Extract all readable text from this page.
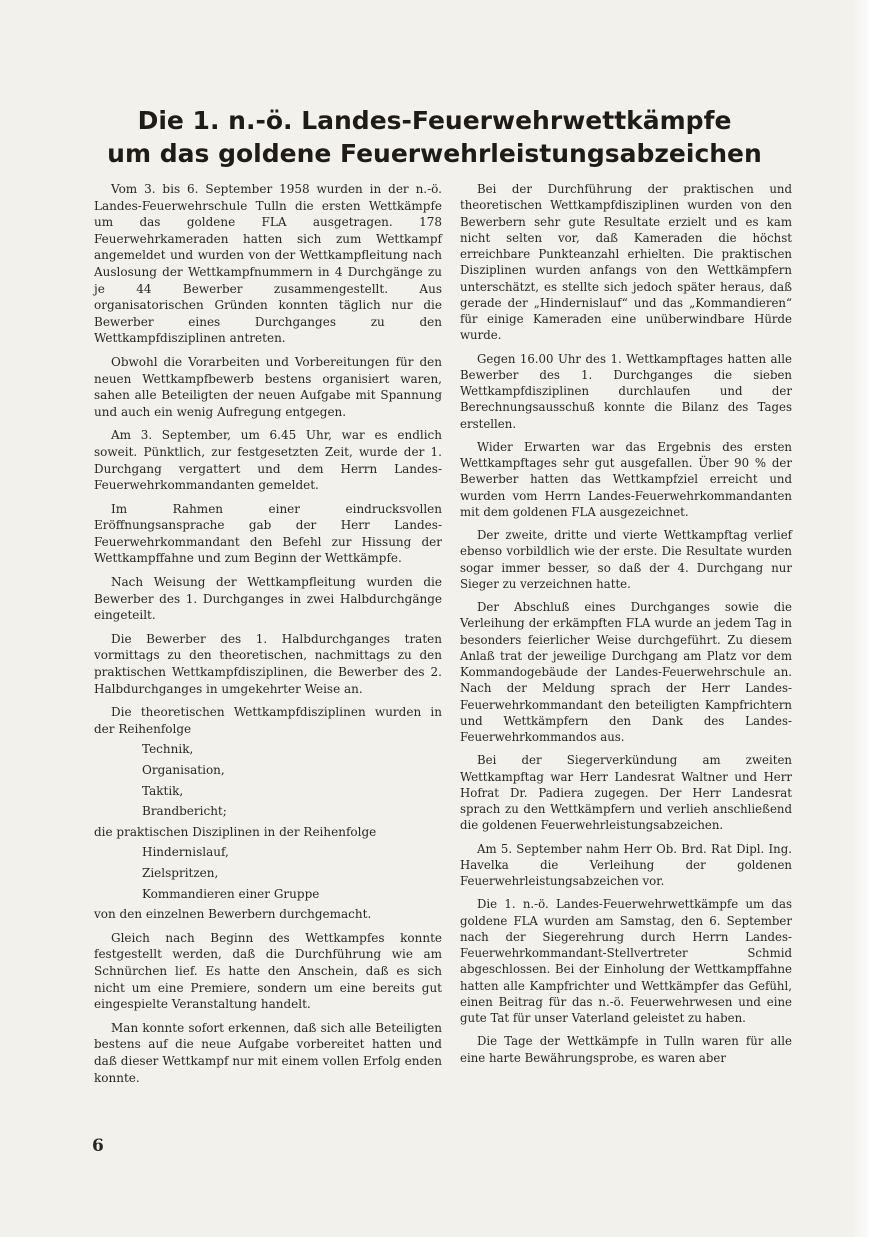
Die 1. n.-ö. Landes-Feuerwehrwettkämpfe
um das goldene Feuerwehrleistungsabzeichen

Vom 3. bis 6. September 1958 wurden in der n.-ö. Landes-Feuerwehrschule Tulln die ersten Wettkämpfe um das goldene FLA ausgetragen. 178 Feuerwehrkameraden hatten sich zum Wettkampf angemeldet und wurden von der Wettkampfleitung nach Auslosung der Wettkampfnummern in 4 Durchgänge zu je 44 Bewerber zusammengestellt. Aus organisatorischen Gründen konnten täglich nur die Bewerber eines Durchganges zu den Wettkampfdisziplinen antreten.

Obwohl die Vorarbeiten und Vorbereitungen für den neuen Wettkampfbewerb bestens organisiert waren, sahen alle Beteiligten der neuen Aufgabe mit Spannung und auch ein wenig Aufregung entgegen.

Am 3. September, um 6.45 Uhr, war es endlich soweit. Pünktlich, zur festgesetzten Zeit, wurde der 1. Durchgang vergattert und dem Herrn Landes-Feuerwehrkommandanten gemeldet.

Im Rahmen einer eindrucksvollen Eröffnungsansprache gab der Herr Landes-Feuerwehrkommandant den Befehl zur Hissung der Wettkampffahne und zum Beginn der Wettkämpfe.

Nach Weisung der Wettkampfleitung wurden die Bewerber des 1. Durchganges in zwei Halbdurchgänge eingeteilt.

Die Bewerber des 1. Halbdurchganges traten vormittags zu den theoretischen, nachmittags zu den praktischen Wettkampfdisziplinen, die Bewerber des 2. Halbdurchganges in umgekehrter Weise an.

Die theoretischen Wettkampfdisziplinen wurden in der Reihenfolge

Technik,
Organisation,
Taktik,
Brandbericht;
die praktischen Disziplinen in der Reihenfolge
Hindernislauf,
Zielspritzen,
Kommandieren einer Gruppe
von den einzelnen Bewerbern durchgemacht.

Gleich nach Beginn des Wettkampfes konnte festgestellt werden, daß die Durchführung wie am Schnürchen lief. Es hatte den Anschein, daß es sich nicht um eine Premiere, sondern um eine bereits gut eingespielte Veranstaltung handelt.

Man konnte sofort erkennen, daß sich alle Beteiligten bestens auf die neue Aufgabe vorbereitet hatten und daß dieser Wettkampf nur mit einem vollen Erfolg enden konnte.

Bei der Durchführung der praktischen und theoretischen Wettkampfdisziplinen wurden von den Bewerbern sehr gute Resultate erzielt und es kam nicht selten vor, daß Kameraden die höchst erreichbare Punkteanzahl erhielten. Die praktischen Disziplinen wurden anfangs von den Wettkämpfern unterschätzt, es stellte sich jedoch später heraus, daß gerade der „Hindernislauf“ und das „Kommandieren“ für einige Kameraden eine unüberwindbare Hürde wurde.

Gegen 16.00 Uhr des 1. Wettkampftages hatten alle Bewerber des 1. Durchganges die sieben Wettkampfdisziplinen durchlaufen und der Berechnungsausschuß konnte die Bilanz des Tages erstellen.

Wider Erwarten war das Ergebnis des ersten Wettkampftages sehr gut ausgefallen. Über 90 % der Bewerber hatten das Wettkampfziel erreicht und wurden vom Herrn Landes-Feuerwehrkommandanten mit dem goldenen FLA ausgezeichnet.

Der zweite, dritte und vierte Wettkampftag verlief ebenso vorbildlich wie der erste. Die Resultate wurden sogar immer besser, so daß der 4. Durchgang nur Sieger zu verzeichnen hatte.

Der Abschluß eines Durchganges sowie die Verleihung der erkämpften FLA wurde an jedem Tag in besonders feierlicher Weise durchgeführt. Zu diesem Anlaß trat der jeweilige Durchgang am Platz vor dem Kommandogebäude der Landes-Feuerwehrschule an. Nach der Meldung sprach der Herr Landes-Feuerwehrkommandant den beteiligten Kampfrichtern und Wettkämpfern den Dank des Landes-Feuerwehrkommandos aus.

Bei der Siegerverkündung am zweiten Wettkampftag war Herr Landesrat Waltner und Herr Hofrat Dr. Padiera zugegen. Der Herr Landesrat sprach zu den Wettkämpfern und verlieh anschließend die goldenen Feuerwehrleistungsabzeichen.

Am 5. September nahm Herr Ob. Brd. Rat Dipl. Ing. Havelka die Verleihung der goldenen Feuerwehrleistungsabzeichen vor.

Die 1. n.-ö. Landes-Feuerwehrwettkämpfe um das goldene FLA wurden am Samstag, den 6. September nach der Siegerehrung durch Herrn Landes-Feuerwehrkommandant-Stellvertreter Schmid abgeschlossen. Bei der Einholung der Wettkampffahne hatten alle Kampfrichter und Wettkämpfer das Gefühl, einen Beitrag für das n.-ö. Feuerwehrwesen und eine gute Tat für unser Vaterland geleistet zu haben.

Die Tage der Wettkämpfe in Tulln waren für alle eine harte Bewährungsprobe, es waren aber

6
